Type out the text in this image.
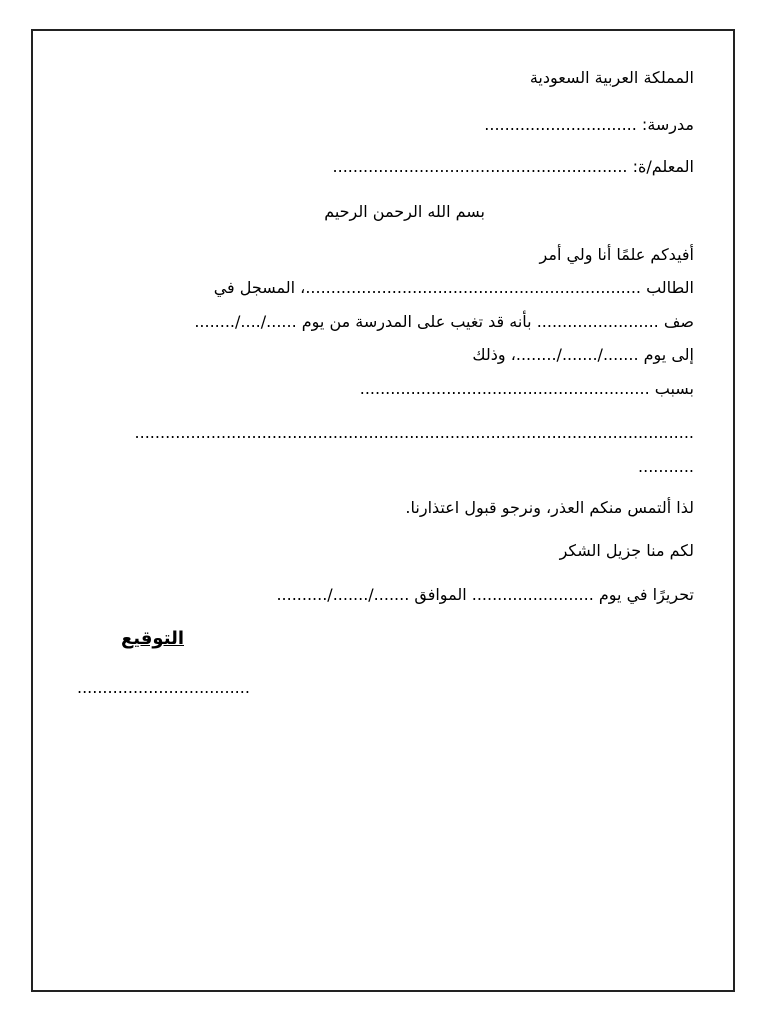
المملكة العربية السعودية
مدرسة: ..............................
المعلم/ة: ..........................................................
بسم الله الرحمن الرحيم
أفيدكم علمًا أنا ولي أمر
الطالب ..................................................................، المسجل في
صف ........................ بأنه قد تغيب على المدرسة من يوم ....../..../........
إلى يوم ......./......./........، وذلك
بسبب .........................................................
..............................................................................................................
...........
لذا ألتمس منكم العذر، ونرجو قبول اعتذارنا.
لكم منا جزيل الشكر
تحريرًا في يوم ........................ الموافق ......./......./..........
التوقيع
..................................
